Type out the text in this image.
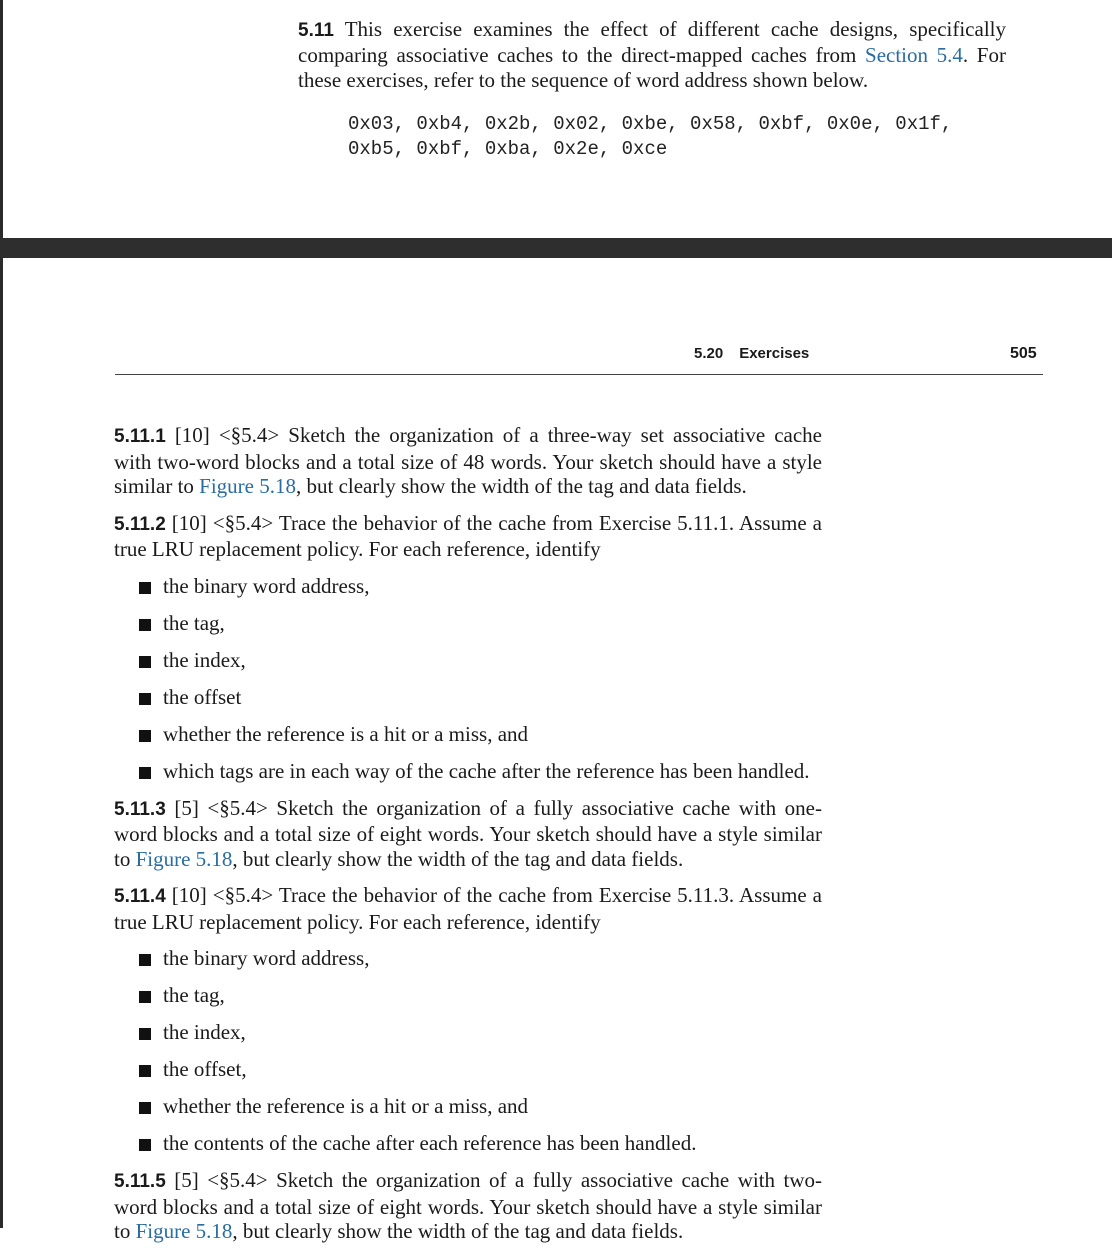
5.11 This exercise examines the effect of different cache designs, specifically comparing associative caches to the direct-mapped caches from Section 5.4. For these exercises, refer to the sequence of word address shown below.

0x03, 0xb4, 0x2b, 0x02, 0xbe, 0x58, 0xbf, 0x0e, 0x1f,
0xb5, 0xbf, 0xba, 0x2e, 0xce
5.20 Exercises	505

5.11.1 [10] <§5.4> Sketch the organization of a three-way set associative cache with two-word blocks and a total size of 48 words. Your sketch should have a style similar to Figure 5.18, but clearly show the width of the tag and data fields.

5.11.2 [10] <§5.4> Trace the behavior of the cache from Exercise 5.11.1. Assume a true LRU replacement policy. For each reference, identify

the binary word address,
the tag,
the index,
the offset
whether the reference is a hit or a miss, and
which tags are in each way of the cache after the reference has been handled.

5.11.3 [5] <§5.4> Sketch the organization of a fully associative cache with one-word blocks and a total size of eight words. Your sketch should have a style similar to Figure 5.18, but clearly show the width of the tag and data fields.

5.11.4 [10] <§5.4> Trace the behavior of the cache from Exercise 5.11.3. Assume a true LRU replacement policy. For each reference, identify

the binary word address,
the tag,
the index,
the offset,
whether the reference is a hit or a miss, and
the contents of the cache after each reference has been handled.

5.11.5 [5] <§5.4> Sketch the organization of a fully associative cache with two-word blocks and a total size of eight words. Your sketch should have a style similar to Figure 5.18, but clearly show the width of the tag and data fields.
